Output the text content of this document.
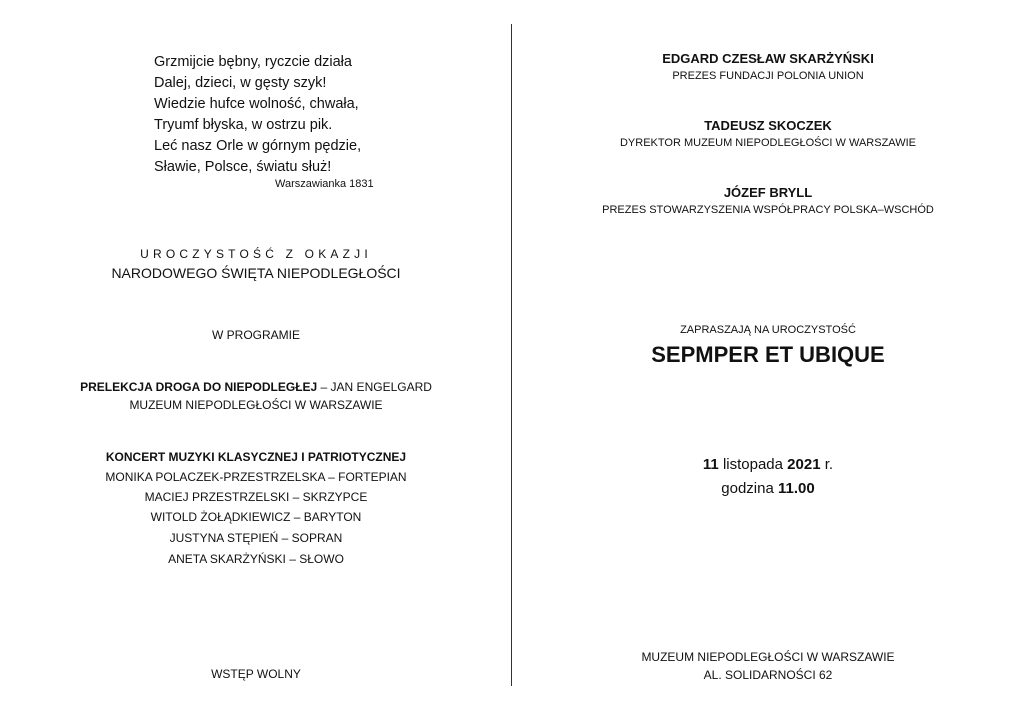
Grzmijcie bębny, ryczcie działa
Dalej, dzieci, w gęsty szyk!
Wiedzie hufce wolność, chwała,
Tryumf błyska, w ostrzu pik.
Leć nasz Orle w górnym pędzie,
Sławie, Polsce, światu służ!
Warszawianka 1831
UROCZYSTOŚĆ Z OKAZJI
NARODOWEGO ŚWIĘTA NIEPODLEGŁOŚCI
W PROGRAMIE
PRELEKCJA DROGA DO NIEPODLEGŁEJ – JAN ENGELGARD
MUZEUM NIEPODLEGŁOŚCI W WARSZAWIE
KONCERT MUZYKI KLASYCZNEJ I PATRIOTYCZNEJ
MONIKA POLACZEK-PRZESTRZELSKA – FORTEPIAN
MACIEJ PRZESTRZELSKI – SKRZYPCE
WITOLD ŻOŁĄDKIEWICZ – BARYTON
JUSTYNA STĘPIEŃ – SOPRAN
ANETA SKARŻYŃSKI – SŁOWO
WSTĘP WOLNY
EDGARD CZESŁAW SKARŻYŃSKI
PREZES FUNDACJI POLONIA UNION
TADEUSZ SKOCZEK
DYREKTOR MUZEUM NIEPODLEGŁOŚCI W WARSZAWIE
JÓZEF BRYLL
PREZES STOWARZYSZENIA WSPÓŁPRACY POLSKA–WSCHÓD
ZAPRASZAJĄ NA UROCZYSTOŚĆ
SEPMPER ET UBIQUE
11 listopada 2021 r.
godzina 11.00
MUZEUM NIEPODLEGŁOŚCI W WARSZAWIE
AL. SOLIDARNOŚCI 62
